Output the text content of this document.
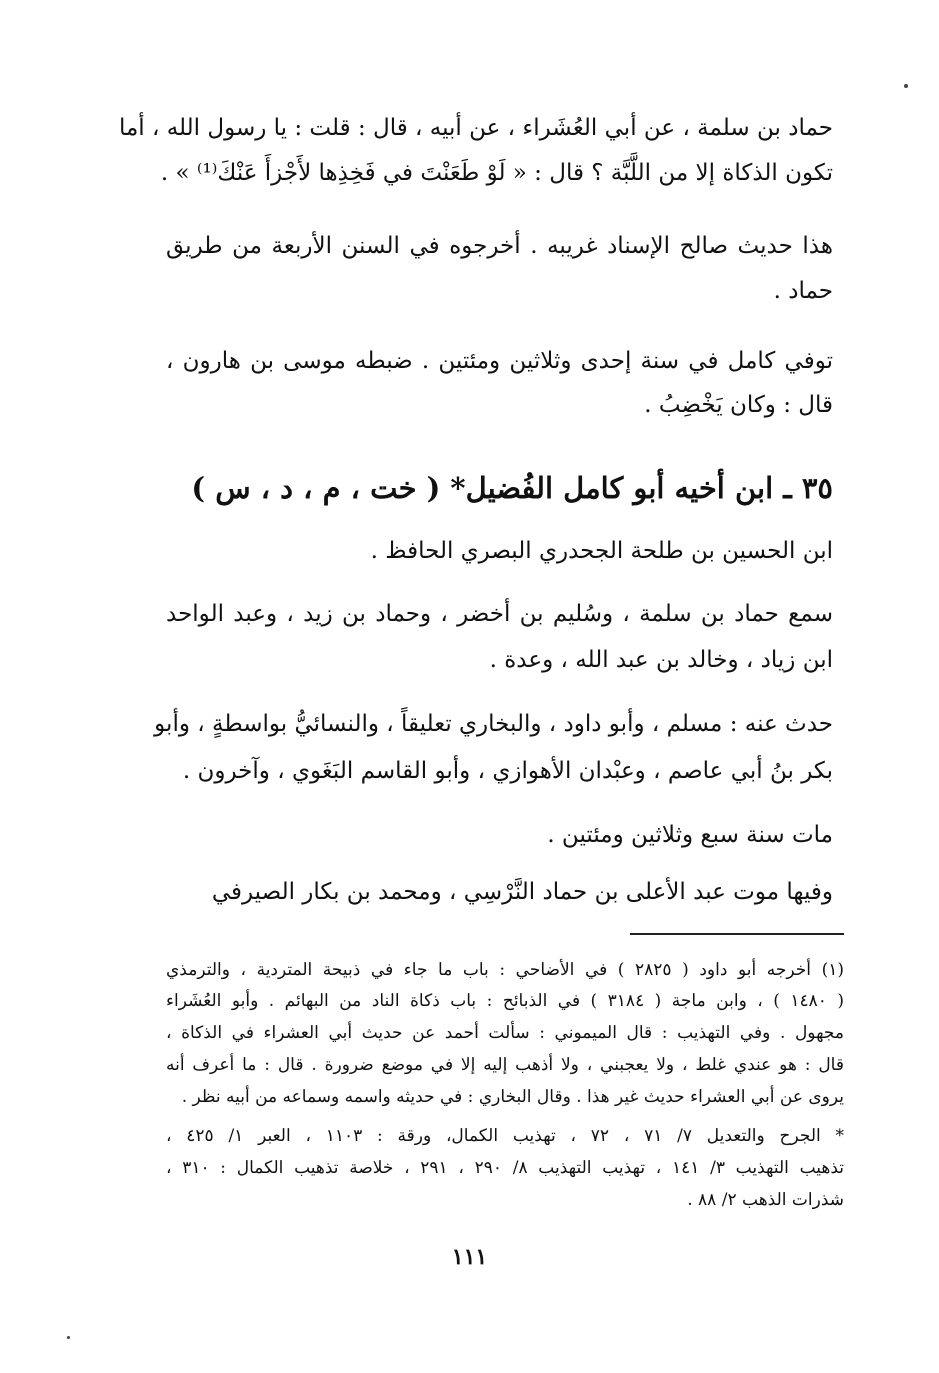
حماد بن سلمة ، عن أبي العُشَراء ، عن أبيه ، قال : قلت : يا رسول الله ، أما
تكون الذكاة إلا من اللَّبَّة ؟ قال : « لَوْ طَعَنْتَ في فَخِذِها لأَجْزأَ عَنْكَ⁽¹⁾ » .
هذا حديث صالح الإسناد غريبه . أخرجوه في السنن الأربعة من طريق
حماد .
توفي كامل في سنة إحدى وثلاثين ومئتين . ضبطه موسى بن هارون ،
قال : وكان يَخْضِبُ .
٣٥ ـ ابن أخيه أبو كامل الفُضيل* ( خت ، م ، د ، س )
ابن الحسين بن طلحة الجحدري البصري الحافظ .
سمع حماد بن سلمة ، وسُليم بن أخضر ، وحماد بن زيد ، وعبد الواحد
ابن زياد ، وخالد بن عبد الله ، وعدة .
حدث عنه : مسلم ، وأبو داود ، والبخاري تعليقاً ، والنسائيُّ بواسطةٍ ، وأبو
بكر بنُ أبي عاصم ، وعبْدان الأهوازي ، وأبو القاسم البَغَوي ، وآخرون .
مات سنة سبع وثلاثين ومئتين .
وفيها موت عبد الأعلى بن حماد النَّرْسِي ، ومحمد بن بكار الصيرفي
(١) أخرجه أبو داود ( ٢٨٢٥ ) في الأضاحي : باب ما جاء في ذبيحة المتردية ، والترمذي
( ١٤٨٠ ) ، وابن ماجة ( ٣١٨٤ ) في الذبائح : باب ذكاة الناد من البهائم . وأبو العُشَراء
مجهول . وفي التهذيب : قال الميموني : سألت أحمد عن حديث أبي العشراء في الذكاة ،
قال : هو عندي غلط ، ولا يعجبني ، ولا أذهب إليه إلا في موضع ضرورة . قال : ما أعرف أنه
يروى عن أبي العشراء حديث غير هذا . وقال البخاري : في حديثه واسمه وسماعه من أبيه نظر .
* الجرح والتعديل ٧/ ٧١ ، ٧٢ ، تهذيب الكمال، ورقة : ١١٠٣ ، العبر ١/ ٤٢٥ ،
تذهيب التهذيب ٣/ ١٤١ ، تهذيب التهذيب ٨/ ٢٩٠ ، ٢٩١ ، خلاصة تذهيب الكمال : ٣١٠ ،
شذرات الذهب ٢/ ٨٨ .
١١١
